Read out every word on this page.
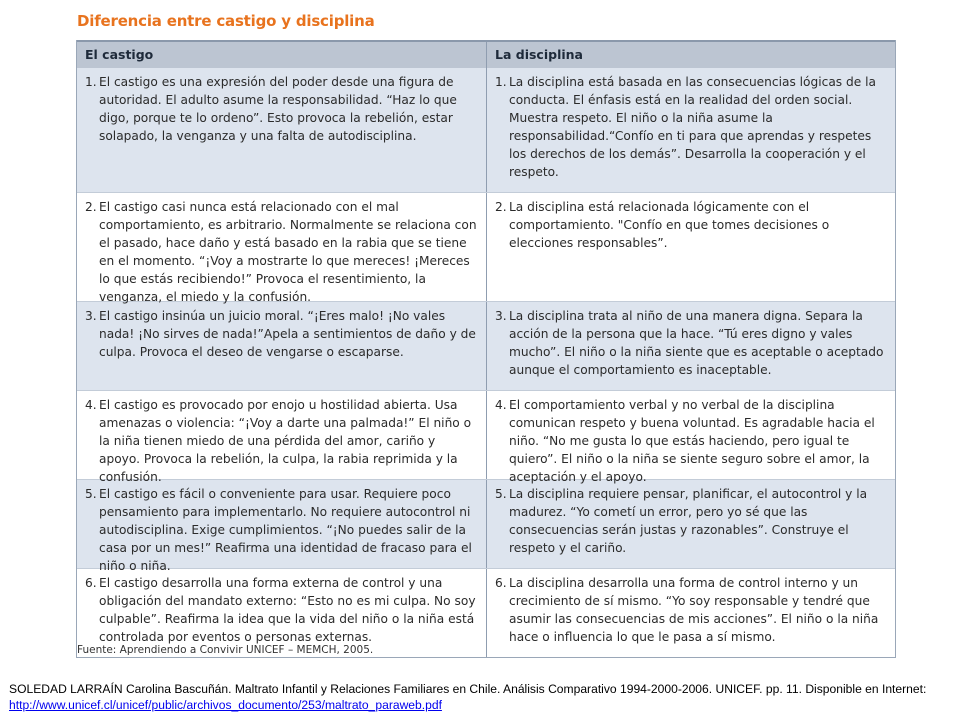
Diferencia entre castigo y disciplina
El castigo	La disciplina
1. El castigo es una expresión del poder desde una figura de autoridad. El adulto asume la responsabilidad. “Haz lo que digo, porque te lo ordeno”. Esto provoca la rebelión, estar solapado, la venganza y una falta de autodisciplina.
1. La disciplina está basada en las consecuencias lógicas de la conducta. El énfasis está en la realidad del orden social. Muestra respeto. El niño o la niña asume la responsabilidad.“Confío en ti para que aprendas y respetes los derechos de los demás”. Desarrolla la cooperación y el respeto.
2. El castigo casi nunca está relacionado con el mal comportamiento, es arbitrario. Normalmente se relaciona con el pasado, hace daño y está basado en la rabia que se tiene en el momento. “¡Voy a mostrarte lo que mereces! ¡Mereces lo que estás recibiendo!” Provoca el resentimiento, la venganza, el miedo y la confusión.
2. La disciplina está relacionada lógicamente con el comportamiento. "Confío en que tomes decisiones o elecciones responsables”.
3. El castigo insinúa un juicio moral. “¡Eres malo! ¡No vales nada! ¡No sirves de nada!”Apela a sentimientos de daño y de culpa. Provoca el deseo de vengarse o escaparse.
3. La disciplina trata al niño de una manera digna. Separa la acción de la persona que la hace. “Tú eres digno y vales mucho”. El niño o la niña siente que es aceptable o aceptado aunque el comportamiento es inaceptable.
4. El castigo es provocado por enojo u hostilidad abierta. Usa amenazas o violencia: “¡Voy a darte una palmada!” El niño o la niña tienen miedo de una pérdida del amor, cariño y apoyo. Provoca la rebelión, la culpa, la rabia reprimida y la confusión.
4. El comportamiento verbal y no verbal de la disciplina comunican respeto y buena voluntad. Es agradable hacia el niño. “No me gusta lo que estás haciendo, pero igual te quiero”. El niño o la niña se siente seguro sobre el amor, la aceptación y el apoyo.
5. El castigo es fácil o conveniente para usar. Requiere poco pensamiento para implementarlo. No requiere autocontrol ni autodisciplina. Exige cumplimientos. “¡No puedes salir de la casa por un mes!” Reafirma una identidad de fracaso para el niño o niña.
5. La disciplina requiere pensar, planificar, el autocontrol y la madurez. “Yo cometí un error, pero yo sé que las consecuencias serán justas y razonables”. Construye el respeto y el cariño.
6. El castigo desarrolla una forma externa de control y una obligación del mandato externo: “Esto no es mi culpa. No soy culpable”. Reafirma la idea que la vida del niño o la niña está controlada por eventos o personas externas.
6. La disciplina desarrolla una forma de control interno y un crecimiento de sí mismo. “Yo soy responsable y tendré que asumir las consecuencias de mis acciones”. El niño o la niña hace o influencia lo que le pasa a sí mismo.
Fuente: Aprendiendo a Convivir UNICEF – MEMCH, 2005.
SOLEDAD LARRAÍN Carolina Bascuñán. Maltrato Infantil y Relaciones Familiares en Chile. Análisis Comparativo 1994-2000-2006. UNICEF. pp. 11. Disponible en Internet: http://www.unicef.cl/unicef/public/archivos_documento/253/maltrato_paraweb.pdf
